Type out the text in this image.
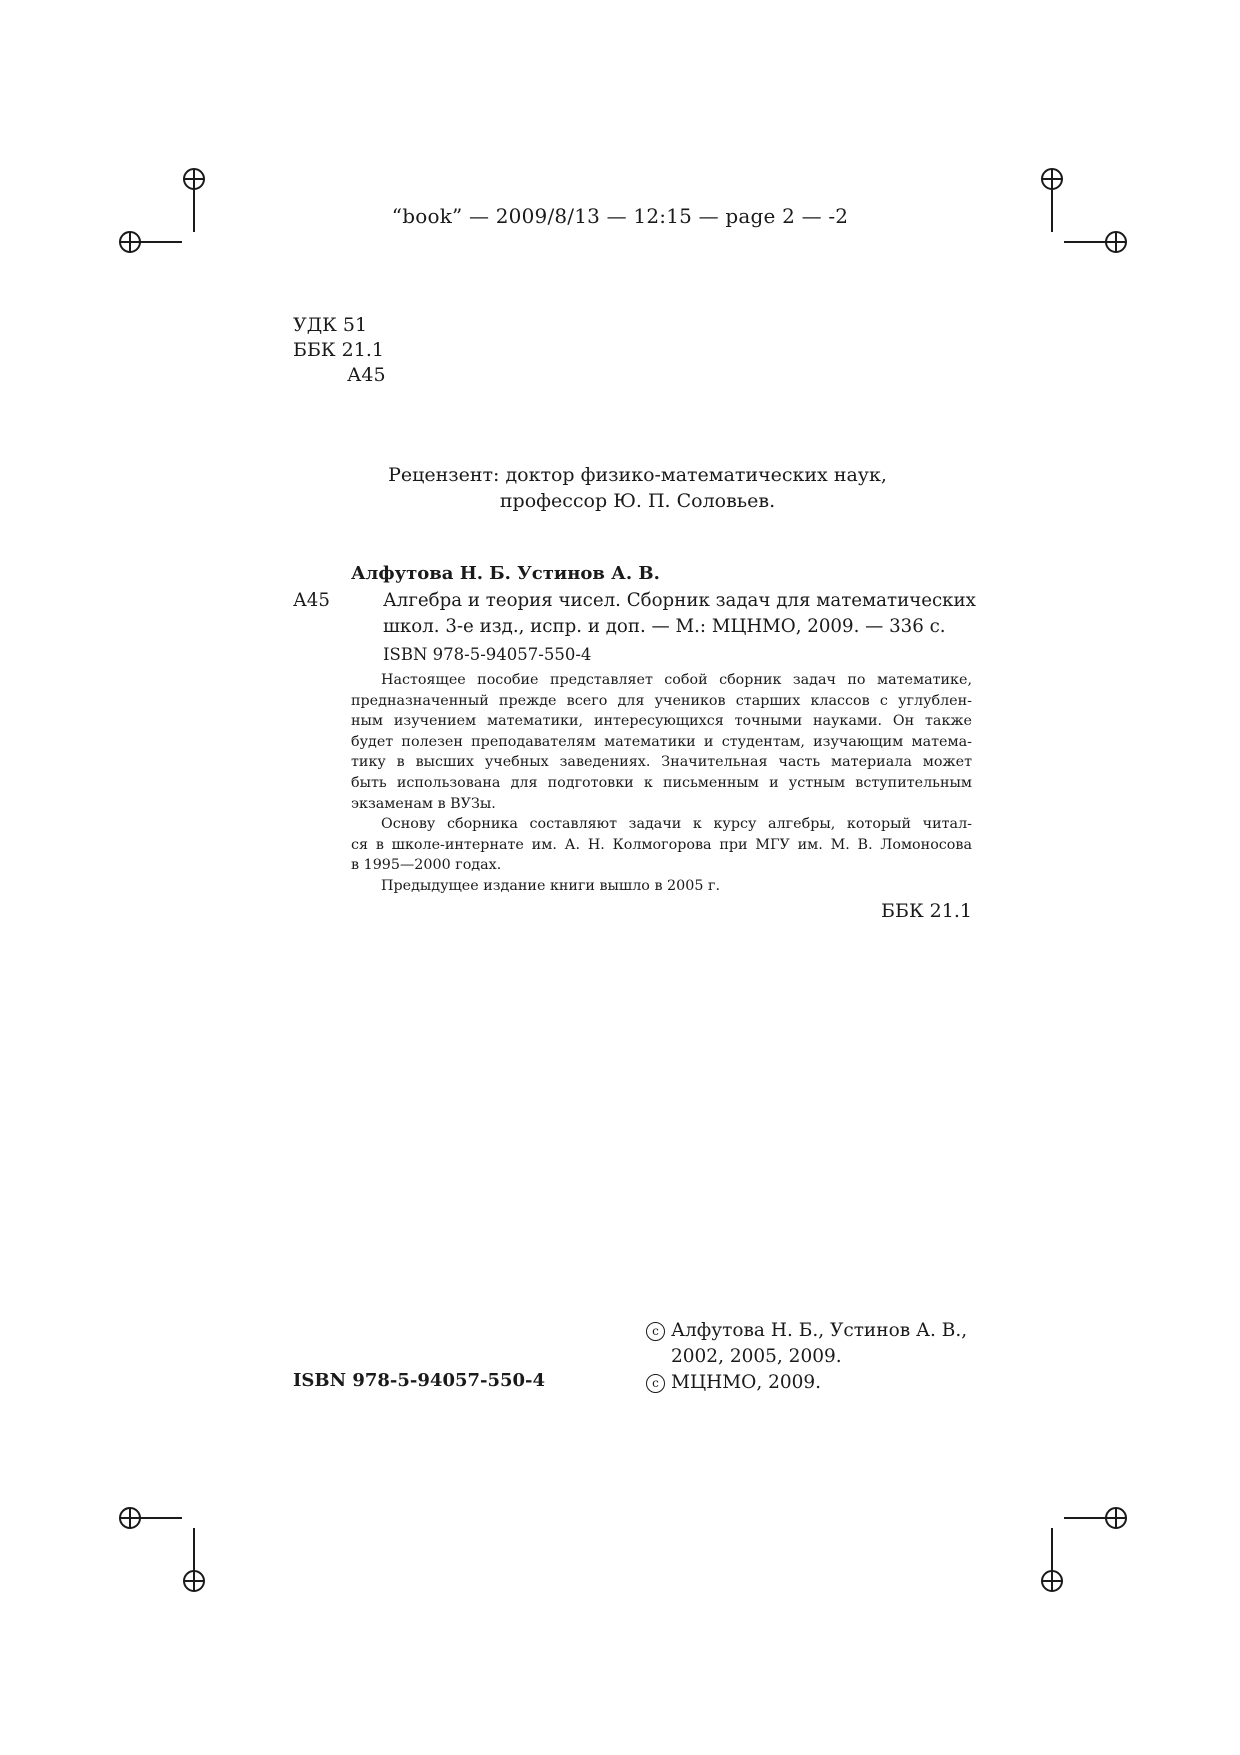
“book” — 2009/8/13 — 12:15 — page 2 — -2
УДК 51
ББК 21.1
А45
Рецензент: доктор физико-математических наук,
профессор Ю. П. Соловьев.
Алфутова Н. Б. Устинов А. В.
А45	Алгебра и теория чисел. Сборник задач для математических
школ. 3-е изд., испр. и доп. — М.: МЦНМО, 2009. — 336 с.
ISBN 978-5-94057-550-4
Настоящее пособие представляет собой сборник задач по математике,
предназначенный прежде всего для учеников старших классов с углублен-
ным изучением математики, интересующихся точными науками. Он также
будет полезен преподавателям математики и студентам, изучающим матема-
тику в высших учебных заведениях. Значительная часть материала может
быть использована для подготовки к письменным и устным вступительным
экзаменам в ВУЗы.
Основу сборника составляют задачи к курсу алгебры, который читал-
ся в школе-интернате им. А. Н. Колмогорова при МГУ им. М. В. Ломоносова
в 1995—2000 годах.
Предыдущее издание книги вышло в 2005 г.
ББК 21.1
ISBN 978-5-94057-550-4
c Алфутова Н. Б., Устинов А. В.,
2002, 2005, 2009.
c МЦНМО, 2009.
